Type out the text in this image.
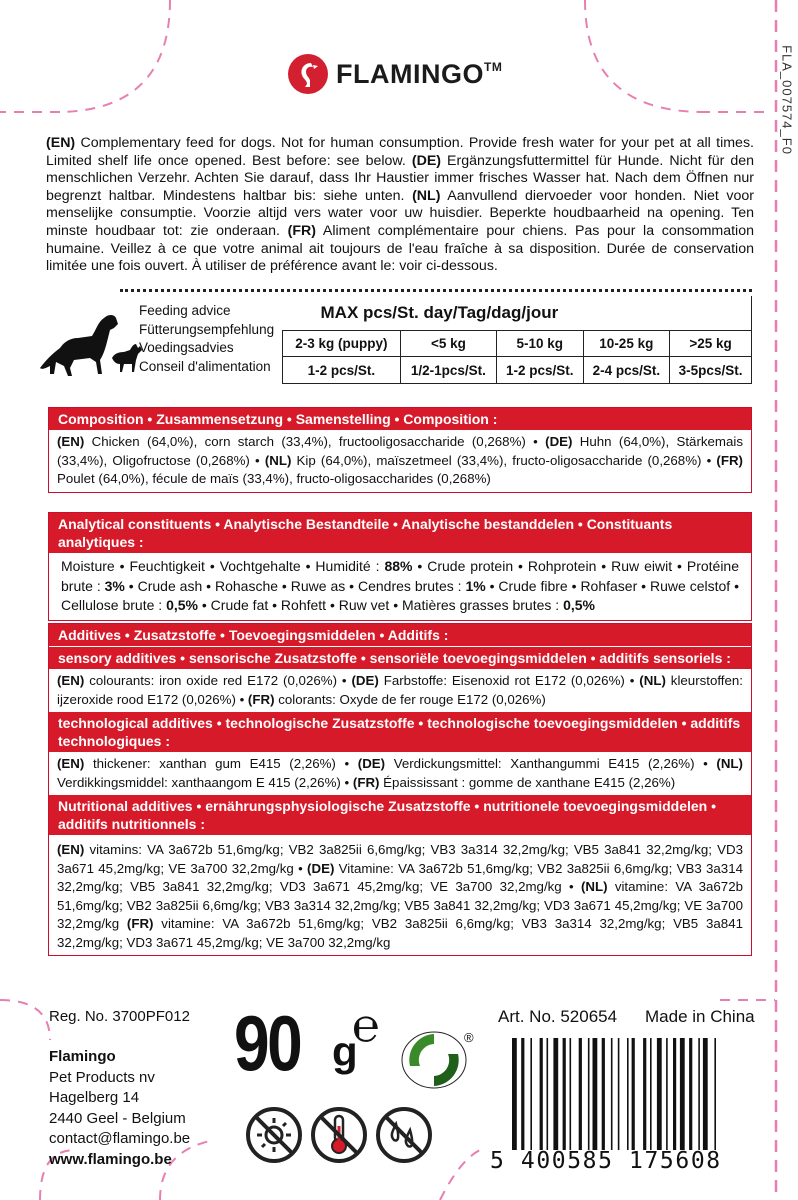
FLA_007574_F0
FLAMINGO™
(EN) Complementary feed for dogs. Not for human consumption. Provide fresh water for your pet at all times. Limited shelf life once opened. Best before: see below. (DE) Ergänzungsfuttermittel für Hunde. Nicht für den menschlichen Verzehr. Achten Sie darauf, dass Ihr Haustier immer frisches Wasser hat. Nach dem Öffnen nur begrenzt haltbar. Mindestens haltbar bis: siehe unten. (NL) Aanvullend diervoeder voor honden. Niet voor menselijke consumptie. Voorzie altijd vers water voor uw huisdier. Beperkte houdbaarheid na opening. Ten minste houdbaar tot: zie onderaan. (FR) Aliment complémentaire pour chiens. Pas pour la consommation humaine. Veillez à ce que votre animal ait toujours de l'eau fraîche à sa disposition. Durée de conservation limitée une fois ouvert. À utiliser de préférence avant le: voir ci-dessous.
Feeding advice
Fütterungsempfehlung
Voedingsadvies
Conseil d'alimentation
MAX pcs/St. day/Tag/dag/jour				
2-3 kg (puppy)	<5 kg	5-10 kg	10-25 kg	>25 kg
1-2 pcs/St.	1/2-1pcs/St.	1-2 pcs/St.	2-4 pcs/St.	3-5pcs/St.
Composition • Zusammensetzung • Samenstelling • Composition :
(EN) Chicken (64,0%), corn starch (33,4%), fructooligosaccharide (0,268%) • (DE) Huhn (64,0%), Stärkemais (33,4%), Oligofructose (0,268%) • (NL) Kip (64,0%), maïszetmeel (33,4%), fructo-oligosaccharide (0,268%) • (FR) Poulet (64,0%), fécule de maïs (33,4%), fructo-oligosaccharides (0,268%)
Analytical constituents • Analytische Bestandteile • Analytische bestanddelen • Constituants analytiques :
Moisture • Feuchtigkeit • Vochtgehalte • Humidité : 88% • Crude protein • Rohprotein • Ruw eiwit • Protéine brute : 3% • Crude ash • Rohasche • Ruwe as • Cendres brutes : 1% • Crude fibre • Rohfaser • Ruwe celstof • Cellulose brute : 0,5% • Crude fat • Rohfett • Ruw vet • Matières grasses brutes : 0,5%
Additives • Zusatzstoffe • Toevoegingsmiddelen • Additifs :
sensory additives • sensorische Zusatzstoffe • sensoriële toevoegingsmiddelen • additifs sensoriels :
(EN) colourants: iron oxide red E172 (0,026%) • (DE) Farbstoffe: Eisenoxid rot E172 (0,026%) • (NL) kleurstoffen: ijzeroxide rood E172 (0,026%) • (FR) colorants: Oxyde de fer rouge E172 (0,026%)
technological additives • technologische Zusatzstoffe • technologische toevoegingsmiddelen • additifs technologiques :
(EN) thickener: xanthan gum E415 (2,26%) • (DE) Verdickungsmittel: Xanthangummi E415 (2,26%) • (NL) Verdikkingsmiddel: xanthaangom E 415 (2,26%) • (FR) Épaississant : gomme de xanthane E415 (2,26%)
Nutritional additives • ernährungsphysiologische Zusatzstoffe • nutritionele toevoegingsmiddelen • additifs nutritionnels :
(EN) vitamins: VA 3a672b 51,6mg/kg; VB2 3a825ii 6,6mg/kg; VB3 3a314 32,2mg/kg; VB5 3a841 32,2mg/kg; VD3 3a671 45,2mg/kg; VE 3a700 32,2mg/kg • (DE) Vitamine: VA 3a672b 51,6mg/kg; VB2 3a825ii 6,6mg/kg; VB3 3a314 32,2mg/kg; VB5 3a841 32,2mg/kg; VD3 3a671 45,2mg/kg; VE 3a700 32,2mg/kg • (NL) vitamine: VA 3a672b 51,6mg/kg; VB2 3a825ii 6,6mg/kg; VB3 3a314 32,2mg/kg; VB5 3a841 32,2mg/kg; VD3 3a671 45,2mg/kg; VE 3a700 32,2mg/kg (FR) vitamine: VA 3a672b 51,6mg/kg; VB2 3a825ii 6,6mg/kg; VB3 3a314 32,2mg/kg; VB5 3a841 32,2mg/kg; VD3 3a671 45,2mg/kg; VE 3a700 32,2mg/kg
Reg. No. 3700PF012
Flamingo
Pet Products nv
Hagelberg 14
2440 Geel - Belgium
contact@flamingo.be
www.flamingo.be
90 g
℮	®
Art. No. 520654 Made in China
5 400585 175608
